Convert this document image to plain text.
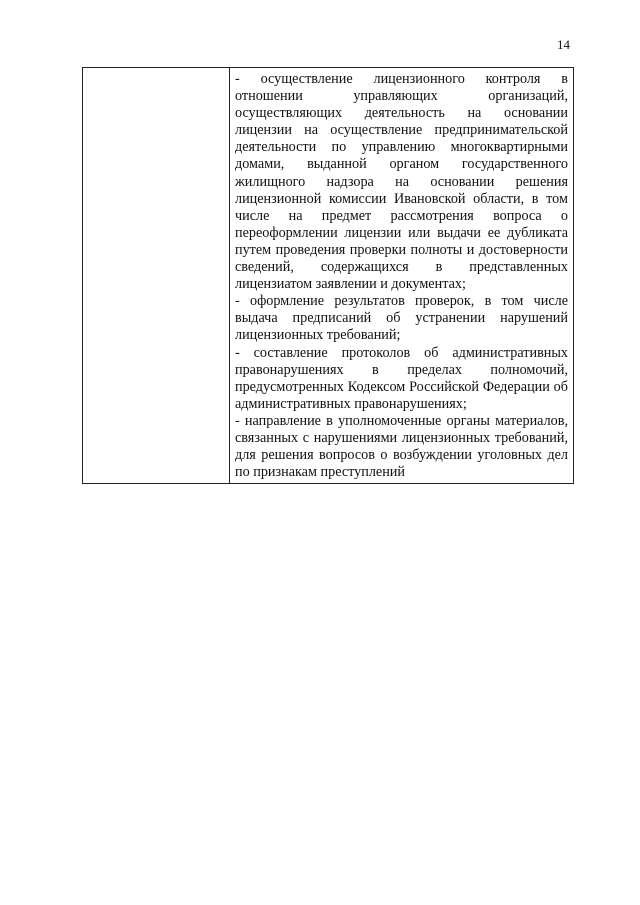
14

- осуществление лицензионного контроля в отношении управляющих организаций, осуществляющих деятельность на основании лицензии на осуществление предпринимательской деятельности по управлению многоквартирными домами, выданной органом государственного жилищного надзора на основании решения лицензионной комиссии Ивановской области, в том числе на предмет рассмотрения вопроса о переоформлении лицензии или выдачи ее дубликата путем проведения проверки полноты и достоверности сведений, содержащихся в представленных лицензиатом заявлении и документах;

- оформление результатов проверок, в том числе выдача предписаний об устранении нарушений лицензионных требований;

- составление протоколов об административных правонарушениях в пределах полномочий, предусмотренных Кодексом Российской Федерации об административных правонарушениях;

- направление в уполномоченные органы материалов, связанных с нарушениями лицензионных требований, для решения вопросов о возбуждении уголовных дел по признакам преступлений
